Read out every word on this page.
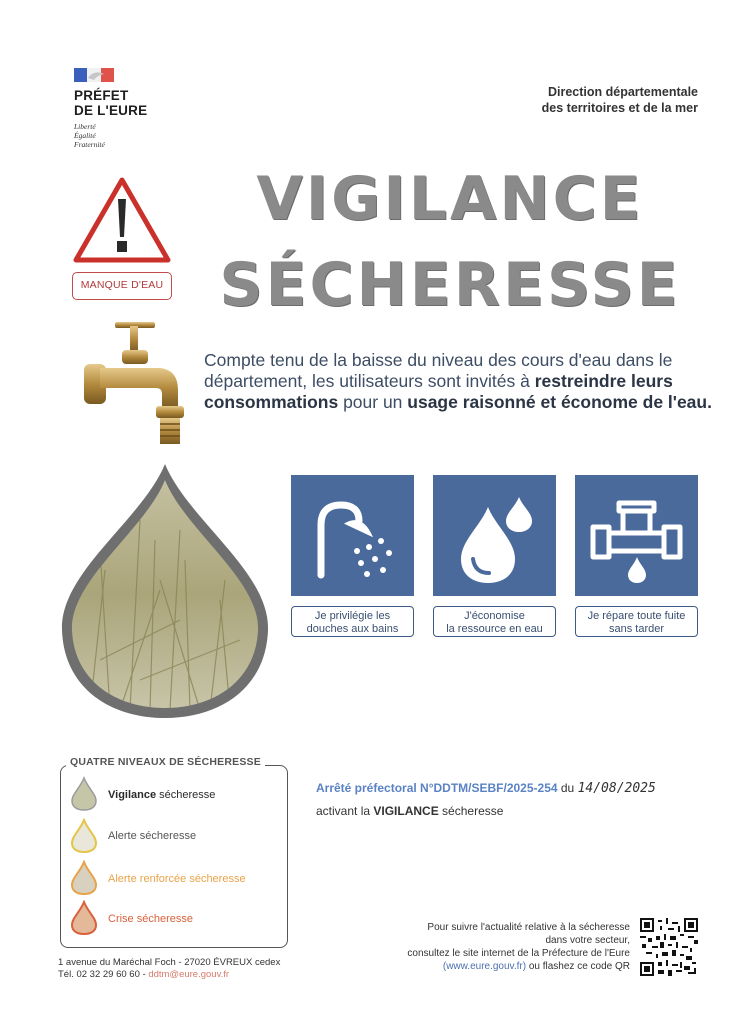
PRÉFET
DE L'EURE
Liberté
Égalité
Fraternité
Direction départementale
des territoires et de la mer
MANQUE D'EAU
VIGILANCE
SÉCHERESSE
Compte tenu de la baisse du niveau des cours d'eau dans le département, les utilisateurs sont invités à restreindre leurs consommations pour un usage raisonné et économe de l'eau.
Je privilégie les
douches aux bains
J'économise
la ressource en eau
Je répare toute fuite
sans tarder
QUATRE NIVEAUX DE SÉCHERESSE
Vigilance sécheresse
Alerte sécheresse
Alerte renforcée sécheresse
Crise sécheresse
Arrêté préfectoral N°DDTM/SEBF/2025-254 du 14/08/2025
activant la VIGILANCE sécheresse
1 avenue du Maréchal Foch - 27020 ÉVREUX cedex
Tél. 02 32 29 60 60 - ddtm@eure.gouv.fr
Pour suivre l'actualité relative à la sécheresse
dans votre secteur,
consultez le site internet de la Préfecture de l'Eure
(www.eure.gouv.fr) ou flashez ce code QR
